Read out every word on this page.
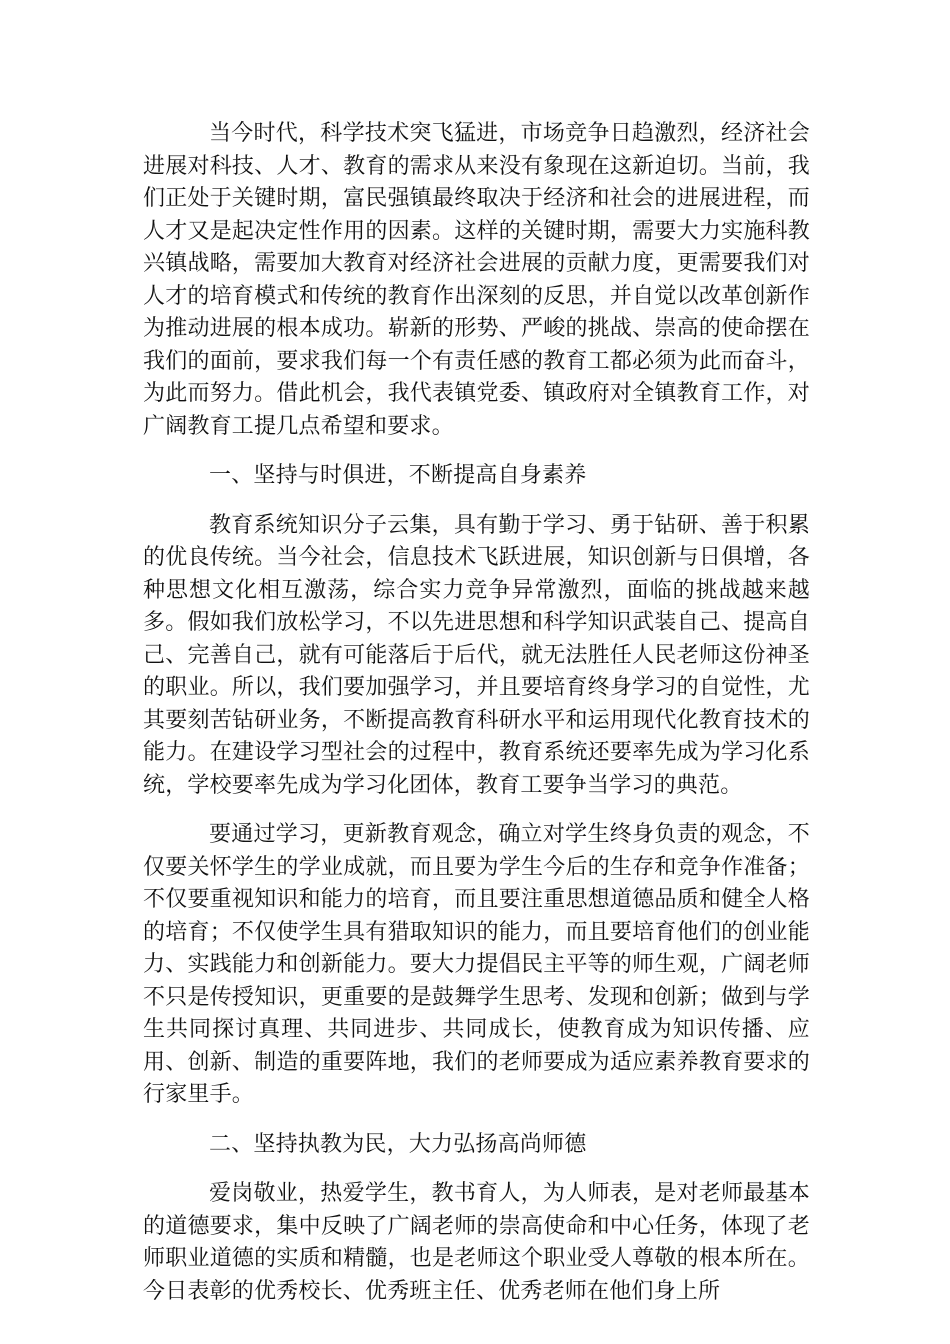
当今时代，科学技术突飞猛进，市场竞争日趋激烈，经济社会进展对科技、人才、教育的需求从来没有象现在这新迫切。当前，我们正处于关键时期，富民强镇最终取决于经济和社会的进展进程，而人才又是起决定性作用的因素。这样的关键时期，需要大力实施科教兴镇战略，需要加大教育对经济社会进展的贡献力度，更需要我们对人才的培育模式和传统的教育作出深刻的反思，并自觉以改革创新作为推动进展的根本成功。崭新的形势、严峻的挑战、崇高的使命摆在我们的面前，要求我们每一个有责任感的教育工都必须为此而奋斗，为此而努力。借此机会，我代表镇党委、镇政府对全镇教育工作，对广阔教育工提几点希望和要求。

一、坚持与时俱进，不断提高自身素养

教育系统知识分子云集，具有勤于学习、勇于钻研、善于积累的优良传统。当今社会，信息技术飞跃进展，知识创新与日俱增，各种思想文化相互激荡，综合实力竞争异常激烈，面临的挑战越来越多。假如我们放松学习，不以先进思想和科学知识武装自己、提高自己、完善自己，就有可能落后于后代，就无法胜任人民老师这份神圣的职业。所以，我们要加强学习，并且要培育终身学习的自觉性，尤其要刻苦钻研业务，不断提高教育科研水平和运用现代化教育技术的能力。在建设学习型社会的过程中，教育系统还要率先成为学习化系统，学校要率先成为学习化团体，教育工要争当学习的典范。

要通过学习，更新教育观念，确立对学生终身负责的观念，不仅要关怀学生的学业成就，而且要为学生今后的生存和竞争作准备；不仅要重视知识和能力的培育，而且要注重思想道德品质和健全人格的培育；不仅使学生具有猎取知识的能力，而且要培育他们的创业能力、实践能力和创新能力。要大力提倡民主平等的师生观，广阔老师不只是传授知识，更重要的是鼓舞学生思考、发现和创新；做到与学生共同探讨真理、共同进步、共同成长，使教育成为知识传播、应用、创新、制造的重要阵地，我们的老师要成为适应素养教育要求的行家里手。

二、坚持执教为民，大力弘扬高尚师德

爱岗敬业，热爱学生，教书育人，为人师表，是对老师最基本的道德要求，集中反映了广阔老师的崇高使命和中心任务，体现了老师职业道德的实质和精髓，也是老师这个职业受人尊敬的根本所在。今日表彰的优秀校长、优秀班主任、优秀老师在他们身上所
